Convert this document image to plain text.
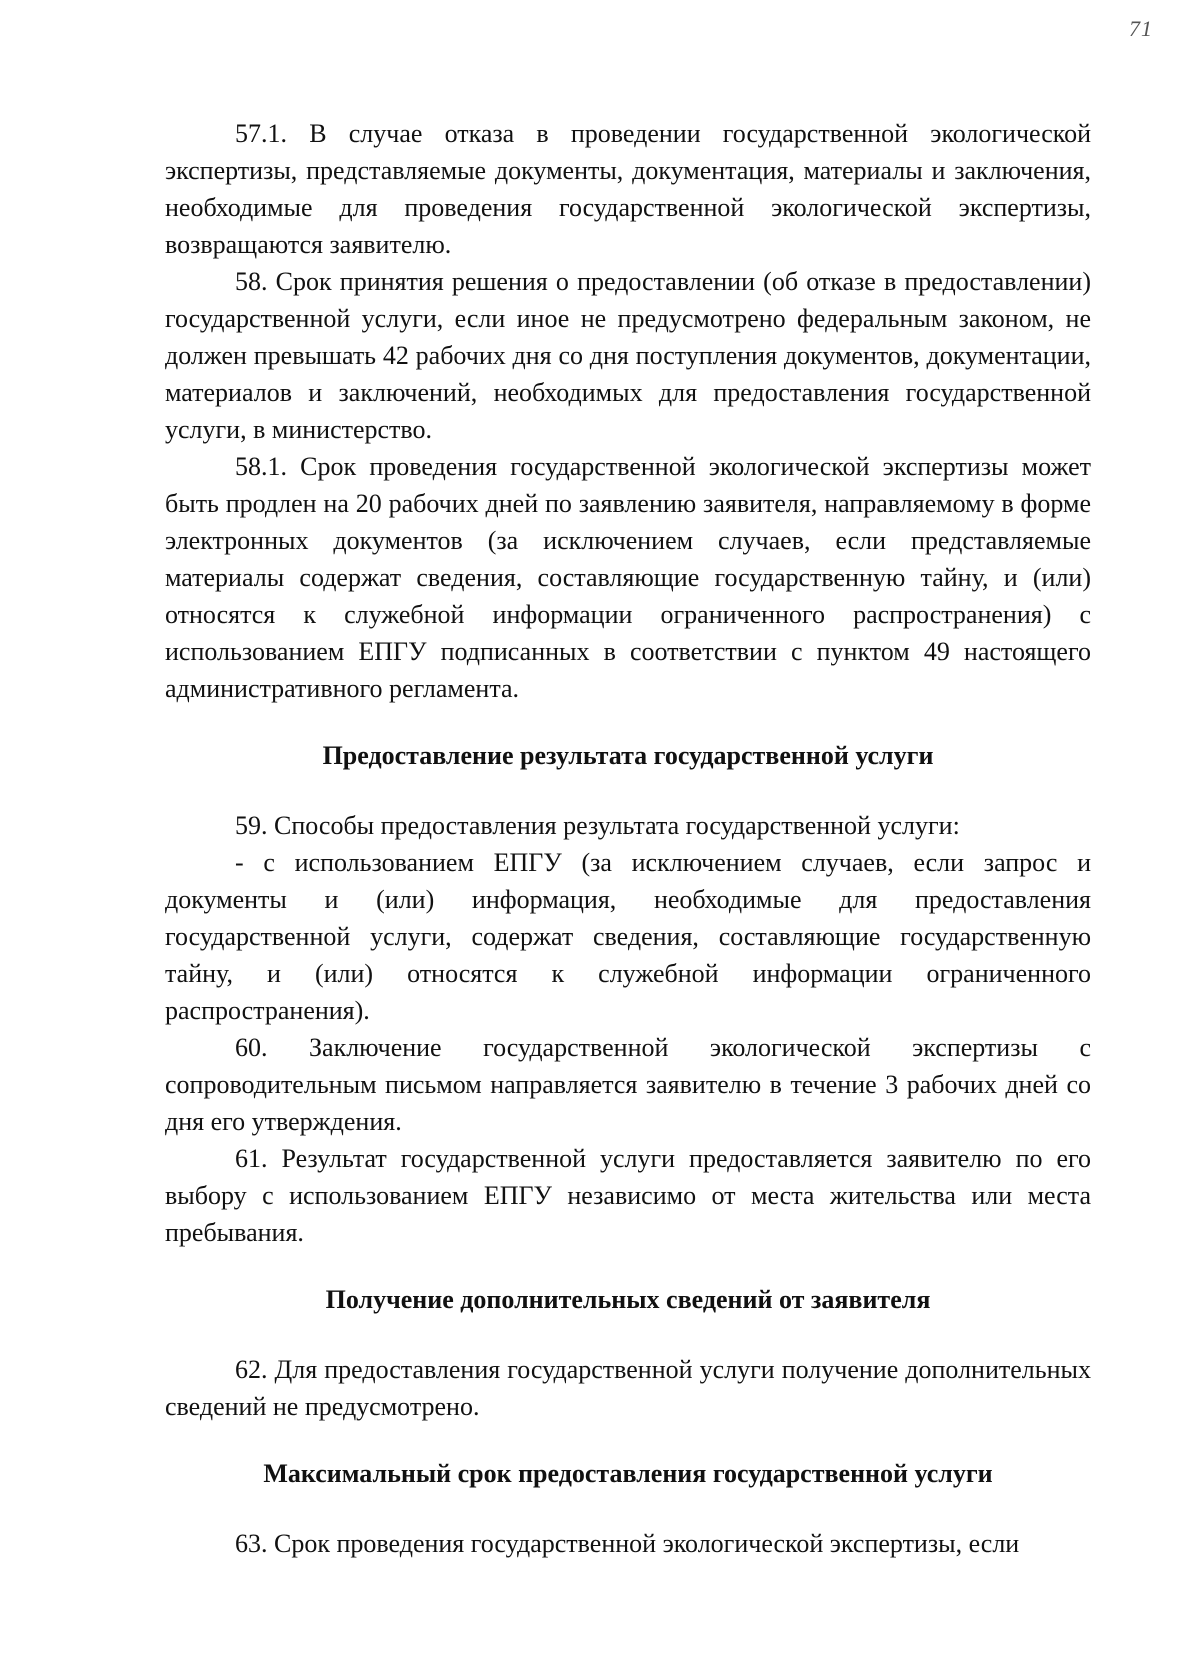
71

57.1. В случае отказа в проведении государственной экологической экспертизы, представляемые документы, документация, материалы и заключения, необходимые для проведения государственной экологической экспертизы, возвращаются заявителю.

58. Срок принятия решения о предоставлении (об отказе в предоставлении) государственной услуги, если иное не предусмотрено федеральным законом, не должен превышать 42 рабочих дня со дня поступления документов, документации, материалов и заключений, необходимых для предоставления государственной услуги, в министерство.

58.1. Срок проведения государственной экологической экспертизы может быть продлен на 20 рабочих дней по заявлению заявителя, направляемому в форме электронных документов (за исключением случаев, если представляемые материалы содержат сведения, составляющие государственную тайну, и (или) относятся к служебной информации ограниченного распространения) с использованием ЕПГУ подписанных в соответствии с пунктом 49 настоящего административного регламента.

Предоставление результата государственной услуги

59. Способы предоставления результата государственной услуги:

- с использованием ЕПГУ (за исключением случаев, если запрос и документы и (или) информация, необходимые для предоставления государственной услуги, содержат сведения, составляющие государственную тайну, и (или) относятся к служебной информации ограниченного распространения).

60. Заключение государственной экологической экспертизы с сопроводительным письмом направляется заявителю в течение 3 рабочих дней со дня его утверждения.

61. Результат государственной услуги предоставляется заявителю по его выбору с использованием ЕПГУ независимо от места жительства или места пребывания.

Получение дополнительных сведений от заявителя

62. Для предоставления государственной услуги получение дополнительных сведений не предусмотрено.

Максимальный срок предоставления государственной услуги

63. Срок проведения государственной экологической экспертизы, если
